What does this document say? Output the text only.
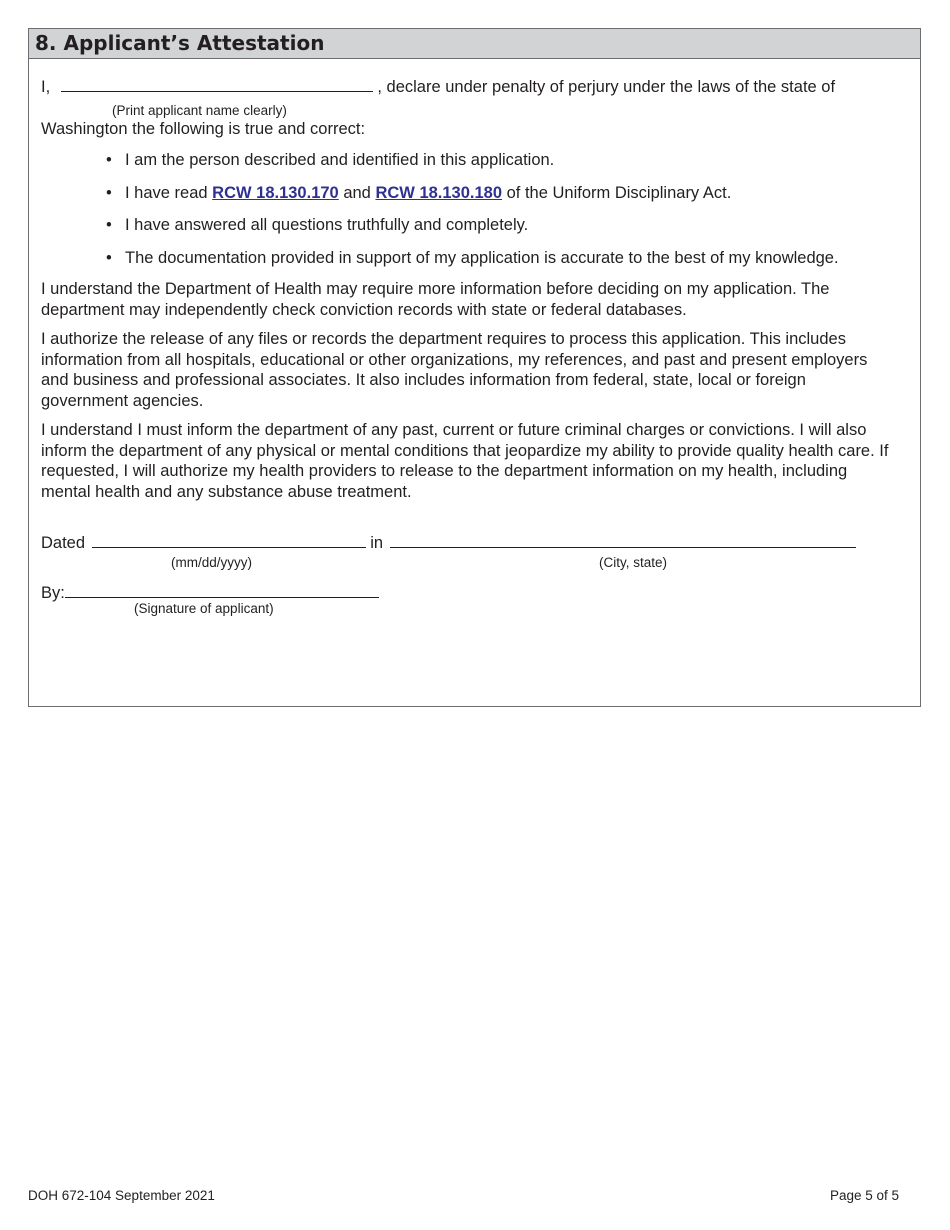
8. Applicant’s Attestation
I,	, declare under penalty of perjury under the laws of the state of
(Print applicant name clearly)
Washington the following is true and correct:
• I am the person described and identified in this application.
• I have read RCW 18.130.170 and RCW 18.130.180 of the Uniform Disciplinary Act.
• I have answered all questions truthfully and completely.
• The documentation provided in support of my application is accurate to the best of my knowledge.
I understand the Department of Health may require more information before deciding on my application. The department may independently check conviction records with state or federal databases.
I authorize the release of any files or records the department requires to process this application. This includes information from all hospitals, educational or other organizations, my references, and past and present employers and business and professional associates. It also includes information from federal, state, local or foreign government agencies.
I understand I must inform the department of any past, current or future criminal charges or convictions. I will also inform the department of any physical or mental conditions that jeopardize my ability to provide quality health care. If requested, I will authorize my health providers to release to the department information on my health, including mental health and any substance abuse treatment.
Dated	in
(mm/dd/yyyy)	(City, state)
By:
(Signature of applicant)
DOH 672-104 September 2021	Page 5 of 5
